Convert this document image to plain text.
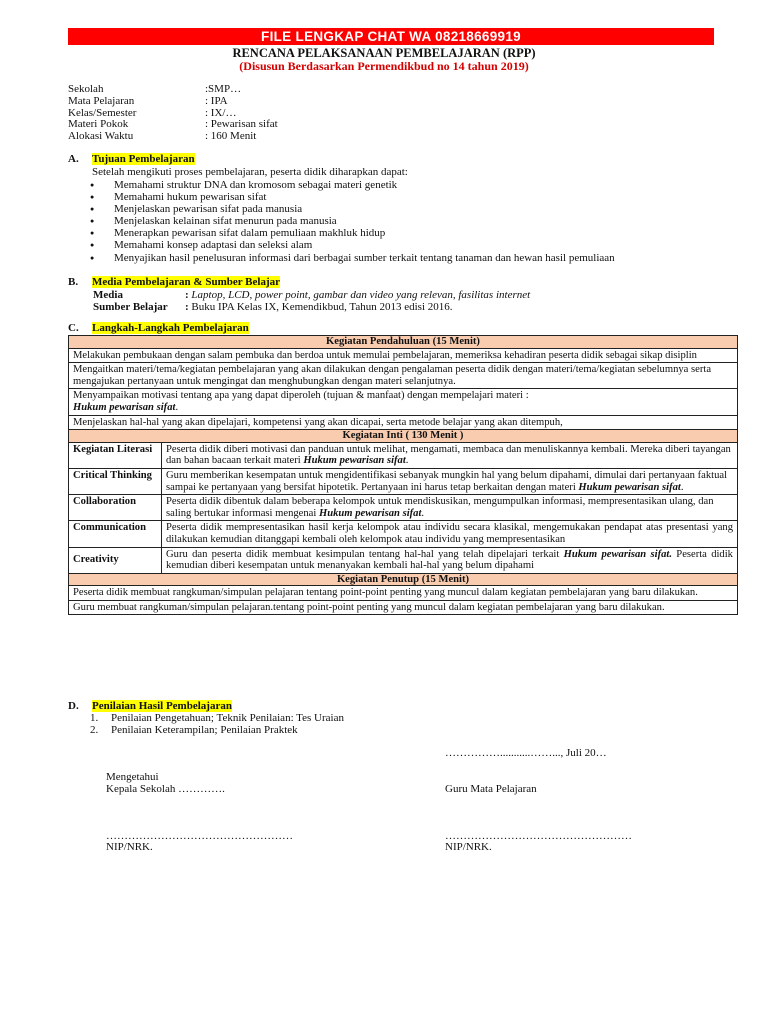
FILE LENGKAP CHAT WA 08218669919
RENCANA PELAKSANAAN PEMBELAJARAN (RPP)
(Disusun Berdasarkan Permendikbud no 14 tahun 2019)
Sekolah	:SMP…
Mata Pelajaran	: IPA
Kelas/Semester	: IX/…
Materi Pokok	: Pewarisan sifat
Alokasi Waktu	: 160 Menit
A. Tujuan Pembelajaran
Setelah mengikuti proses pembelajaran, peserta didik diharapkan dapat:
● Memahami struktur DNA dan kromosom sebagai materi genetik
● Memahami hukum pewarisan sifat
● Menjelaskan pewarisan sifat pada manusia
● Menjelaskan kelainan sifat menurun pada manusia
● Menerapkan pewarisan sifat dalam pemuliaan makhluk hidup
● Memahami konsep adaptasi dan seleksi alam
● Menyajikan hasil penelusuran informasi dari berbagai sumber terkait tentang tanaman dan hewan hasil pemuliaan
B. Media Pembelajaran & Sumber Belajar
Media	: Laptop, LCD, power point, gambar dan video yang relevan, fasilitas internet
Sumber Belajar : Buku IPA Kelas IX, Kemendikbud, Tahun 2013 edisi 2016.
C. Langkah-Langkah Pembelajaran
Kegiatan Pendahuluan (15 Menit)	
Melakukan pembukaan dengan salam pembuka dan berdoa untuk memulai pembelajaran, memeriksa kehadiran peserta didik sebagai sikap disiplin	
Mengaitkan materi/tema/kegiatan pembelajaran yang akan dilakukan dengan pengalaman peserta didik dengan materi/tema/kegiatan sebelumnya serta mengajukan pertanyaan untuk mengingat dan menghubungkan dengan materi selanjutnya.	
Menyampaikan motivasi tentang apa yang dapat diperoleh (tujuan & manfaat) dengan mempelajari materi :
Hukum pewarisan sifat.	
Menjelaskan hal-hal yang akan dipelajari, kompetensi yang akan dicapai, serta metode belajar yang akan ditempuh,	
Kegiatan Inti ( 130 Menit )	
Kegiatan Literasi	Peserta didik diberi motivasi dan panduan untuk melihat, mengamati, membaca dan menuliskannya kembali. Mereka diberi tayangan dan bahan bacaan terkait materi Hukum pewarisan sifat.
Critical Thinking	Guru memberikan kesempatan untuk mengidentifikasi sebanyak mungkin hal yang belum dipahami, dimulai dari pertanyaan faktual sampai ke pertanyaan yang bersifat hipotetik. Pertanyaan ini harus tetap berkaitan dengan materi Hukum pewarisan sifat.
Collaboration	Peserta didik dibentuk dalam beberapa kelompok untuk mendiskusikan, mengumpulkan informasi, mempresentasikan ulang, dan saling bertukar informasi mengenai Hukum pewarisan sifat.
Communication	Peserta didik mempresentasikan hasil kerja kelompok atau individu secara klasikal, mengemukakan pendapat atas presentasi yang dilakukan kemudian ditanggapi kembali oleh kelompok atau individu yang mempresentasikan
Creativity	Guru dan peserta didik membuat kesimpulan tentang hal-hal yang telah dipelajari terkait Hukum pewarisan sifat. Peserta didik kemudian diberi kesempatan untuk menanyakan kembali hal-hal yang belum dipahami
Kegiatan Penutup (15 Menit)	
Peserta didik membuat rangkuman/simpulan pelajaran tentang point-point penting yang muncul dalam kegiatan pembelajaran yang baru dilakukan.	
Guru membuat rangkuman/simpulan pelajaran.tentang point-point penting yang muncul dalam kegiatan pembelajaran yang baru dilakukan.	
D. Penilaian Hasil Pembelajaran
1. Penilaian Pengetahuan; Teknik Penilaian: Tes Uraian
2. Penilaian Keterampilan; Penilaian Praktek
……………...........……..., Juli 20…
Mengetahui
Kepala Sekolah ………….	Guru Mata Pelajaran
……………………………………………	……………………………………………
NIP/NRK.	NIP/NRK.
